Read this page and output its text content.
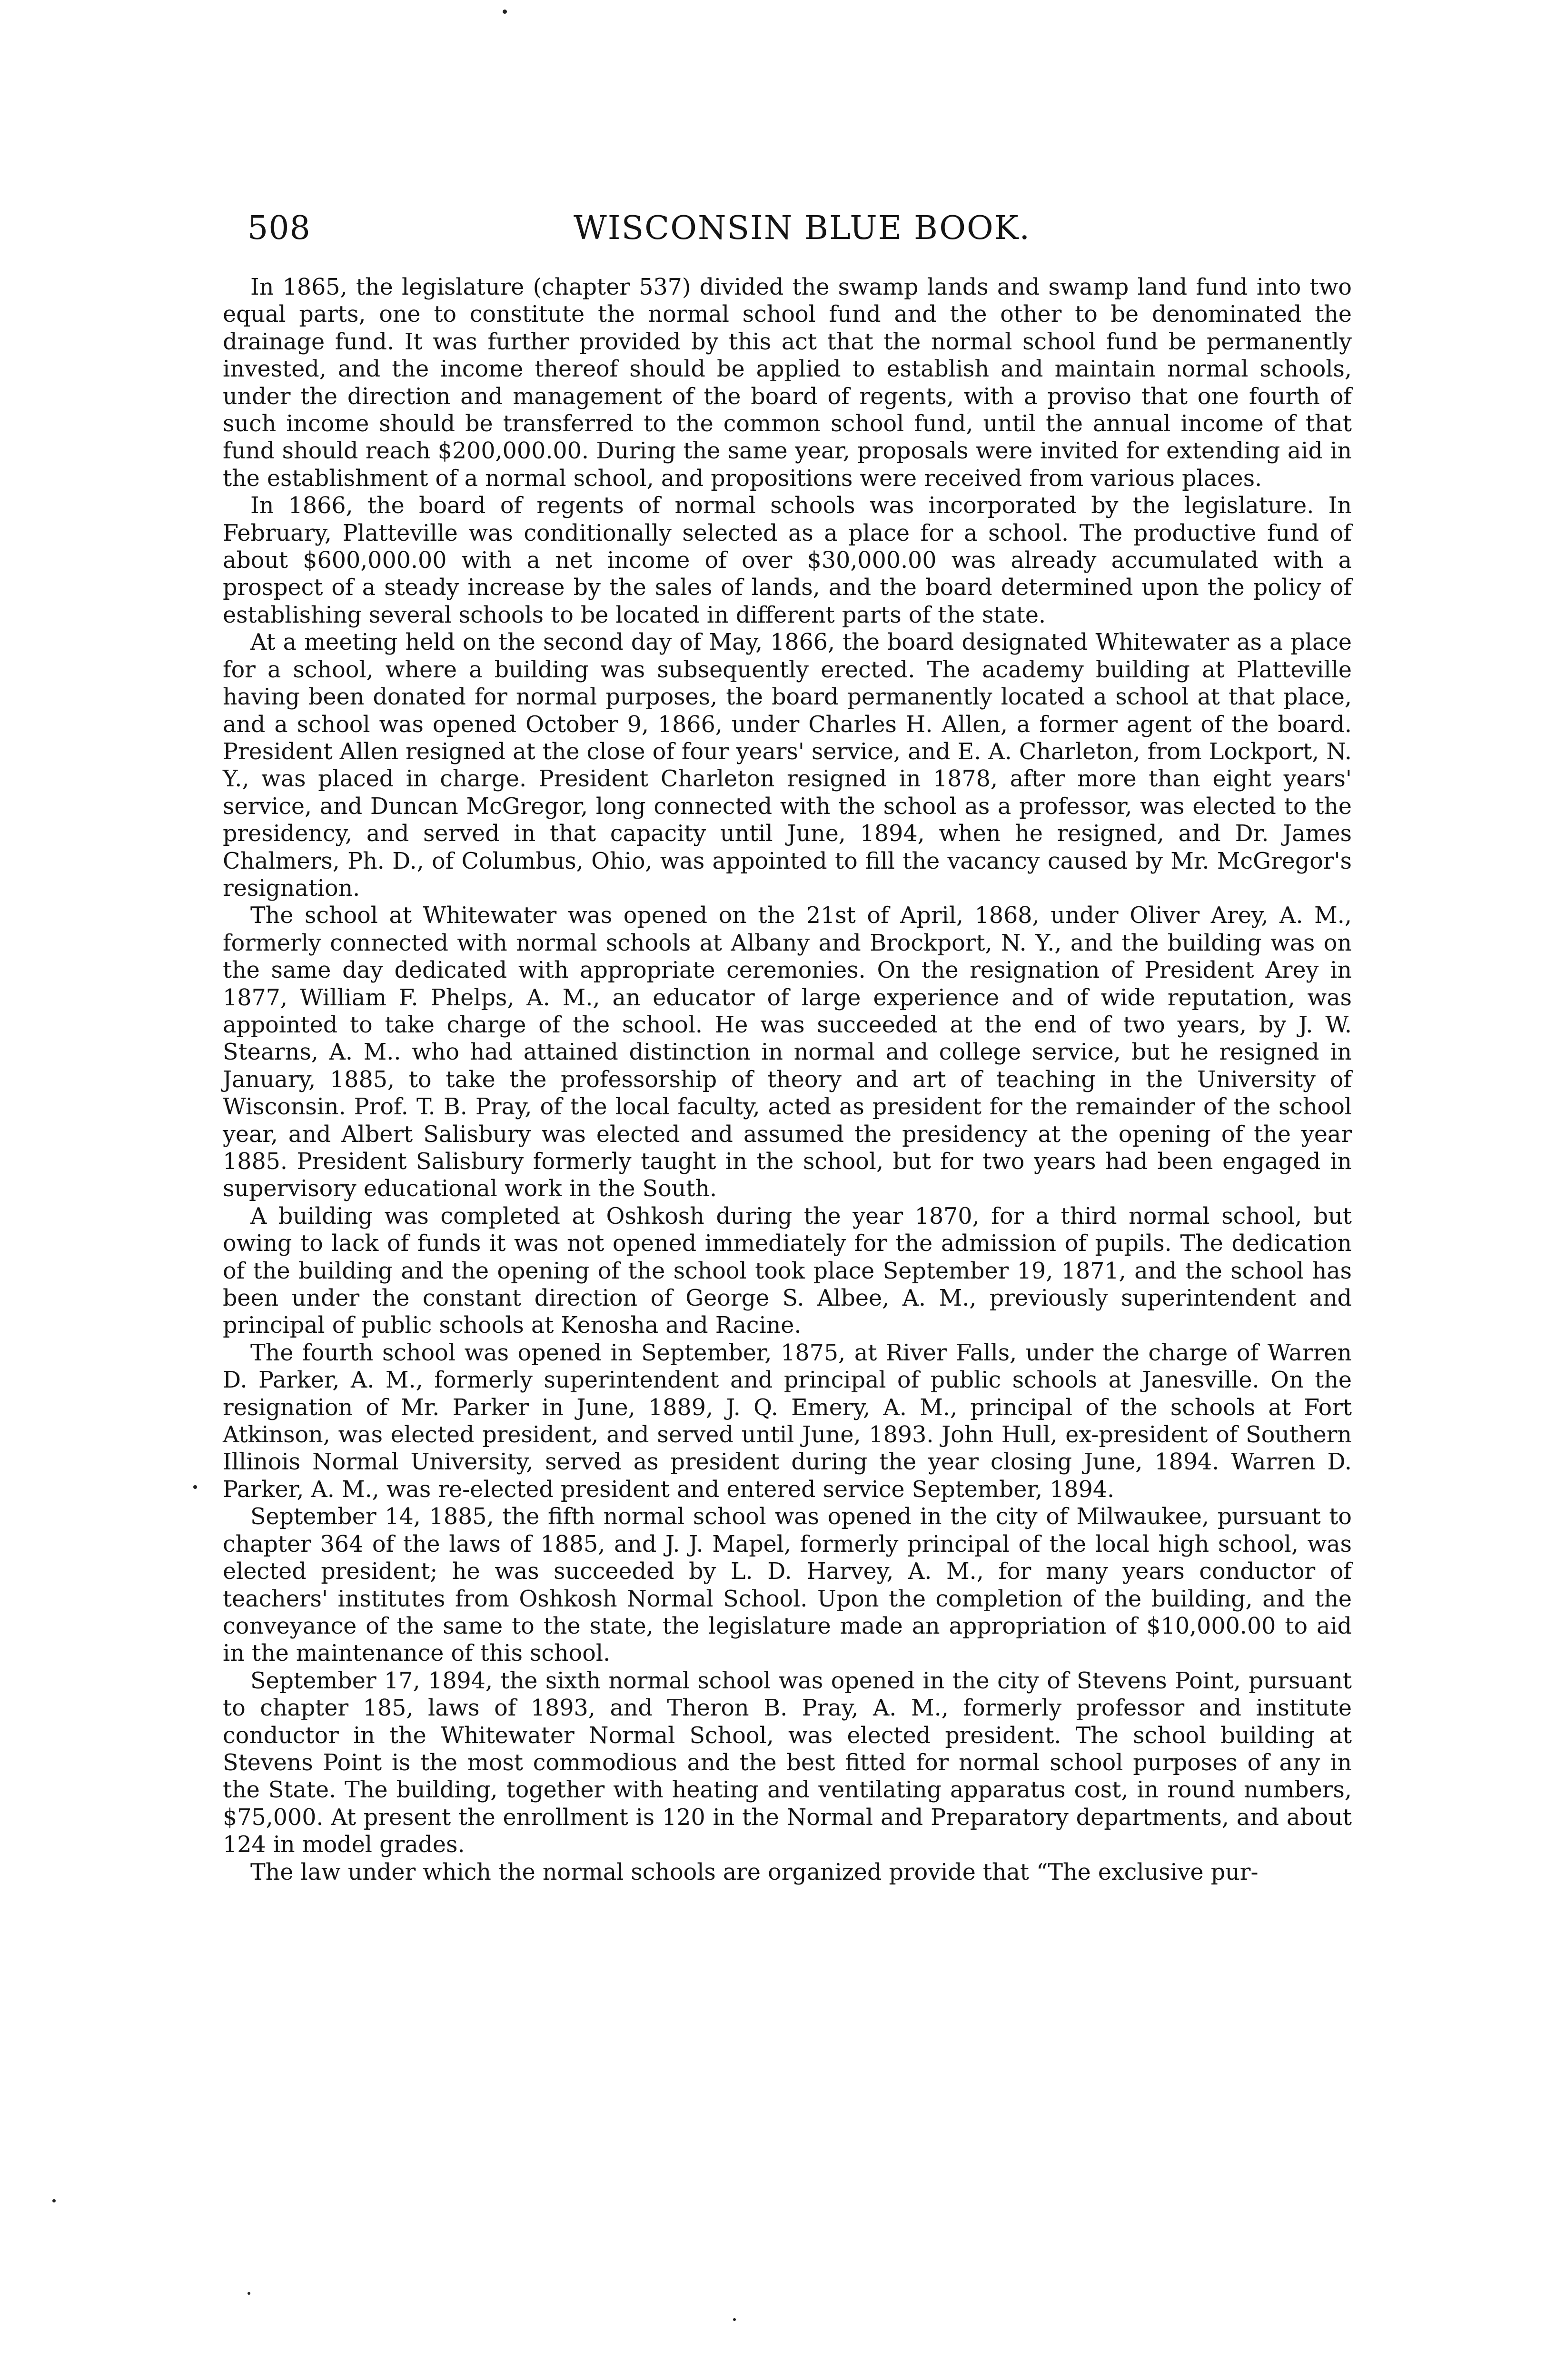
508	WISCONSIN BLUE BOOK.

In 1865, the legislature (chapter 537) divided the swamp lands and swamp land fund into two equal parts, one to constitute the normal school fund and the other to be denominated the drainage fund. It was further provided by this act that the normal school fund be permanently invested, and the income thereof should be applied to establish and maintain normal schools, under the direction and management of the board of regents, with a proviso that one fourth of such income should be transferred to the common school fund, until the annual income of that fund should reach $200,000.00. During the same year, proposals were invited for extending aid in the establishment of a normal school, and propositions were received from various places.

In 1866, the board of regents of normal schools was incorporated by the legislature. In February, Platteville was conditionally selected as a place for a school. The productive fund of about $600,000.00 with a net income of over $30,000.00 was already accumulated with a prospect of a steady increase by the sales of lands, and the board determined upon the policy of establishing several schools to be located in different parts of the state.

At a meeting held on the second day of May, 1866, the board designated Whitewater as a place for a school, where a building was subsequently erected. The academy building at Platteville having been donated for normal purposes, the board permanently located a school at that place, and a school was opened October 9, 1866, under Charles H. Allen, a former agent of the board. President Allen resigned at the close of four years' service, and E. A. Charleton, from Lockport, N. Y., was placed in charge. President Charleton resigned in 1878, after more than eight years' service, and Duncan McGregor, long connected with the school as a professor, was elected to the presidency, and served in that capacity until June, 1894, when he resigned, and Dr. James Chalmers, Ph. D., of Columbus, Ohio, was appointed to fill the vacancy caused by Mr. McGregor's resignation.

The school at Whitewater was opened on the 21st of April, 1868, under Oliver Arey, A. M., formerly connected with normal schools at Albany and Brockport, N. Y., and the building was on the same day dedicated with appropriate ceremonies. On the resignation of President Arey in 1877, William F. Phelps, A. M., an educator of large experience and of wide reputation, was appointed to take charge of the school. He was succeeded at the end of two years, by J. W. Stearns, A. M.. who had attained distinction in normal and college service, but he resigned in January, 1885, to take the professorship of theory and art of teaching in the University of Wisconsin. Prof. T. B. Pray, of the local faculty, acted as president for the remainder of the school year, and Albert Salisbury was elected and assumed the presidency at the opening of the year 1885. President Salisbury formerly taught in the school, but for two years had been engaged in supervisory educational work in the South.

A building was completed at Oshkosh during the year 1870, for a third normal school, but owing to lack of funds it was not opened immediately for the admission of pupils. The dedication of the building and the opening of the school took place September 19, 1871, and the school has been under the constant direction of George S. Albee, A. M., previously superintendent and principal of public schools at Kenosha and Racine.

The fourth school was opened in September, 1875, at River Falls, under the charge of Warren D. Parker, A. M., formerly superintendent and principal of public schools at Janesville. On the resignation of Mr. Parker in June, 1889, J. Q. Emery, A. M., principal of the schools at Fort Atkinson, was elected president, and served until June, 1893. John Hull, ex-president of Southern Illinois Normal University, served as president during the year closing June, 1894. Warren D. Parker, A. M., was re-elected president and entered service September, 1894.

September 14, 1885, the fifth normal school was opened in the city of Milwaukee, pursuant to chapter 364 of the laws of 1885, and J. J. Mapel, formerly principal of the local high school, was elected president; he was succeeded by L. D. Harvey, A. M., for many years conductor of teachers' institutes from Oshkosh Normal School. Upon the completion of the building, and the conveyance of the same to the state, the legislature made an appropriation of $10,000.00 to aid in the maintenance of this school.

September 17, 1894, the sixth normal school was opened in the city of Stevens Point, pursuant to chapter 185, laws of 1893, and Theron B. Pray, A. M., formerly professor and institute conductor in the Whitewater Normal School, was elected president. The school building at Stevens Point is the most commodious and the best fitted for normal school purposes of any in the State. The building, together with heating and ventilating apparatus cost, in round numbers, $75,000. At present the enrollment is 120 in the Normal and Preparatory departments, and about 124 in model grades.

The law under which the normal schools are organized provide that “The exclusive pur-
